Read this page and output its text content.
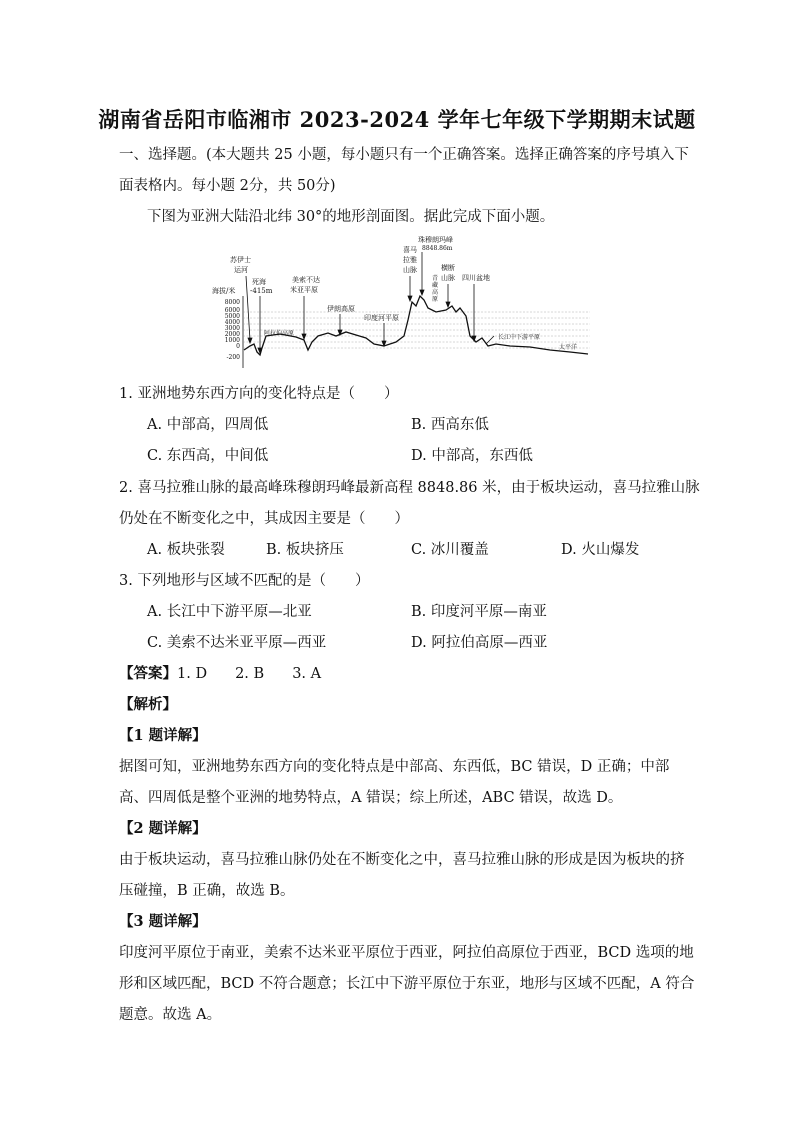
湖南省岳阳市临湘市 2023-2024 学年七年级下学期期末试题
一、选择题。(本大题共 25 小题，每小题只有一个正确答案。选择正确答案的序号填入下
面表格内。每小题 2分，共 50分)
下图为亚洲大陆沿北纬 30°的地形剖面图。据此完成下面小题。
苏伊士
运河
死海
-415m
海拔/米
美索不达
米亚平原
阿拉伯高原
伊朗高原
印度河平原
喜马
拉雅
山脉
珠穆朗玛峰
8848.86m
青
藏
高
原
横断
山脉 四川盆地
长江中下游平原
太平洋
8000
6000
5000
4000
3000
2000
1000
0
-200
1. 亚洲地势东西方向的变化特点是（　　）
A. 中部高，四周低	B. 西高东低
C. 东西高，中间低	D. 中部高，东西低
2. 喜马拉雅山脉的最高峰珠穆朗玛峰最新高程 8848.86 米，由于板块运动，喜马拉雅山脉
仍处在不断变化之中，其成因主要是（　　）
A. 板块张裂	B. 板块挤压	C. 冰川覆盖	D. 火山爆发
3. 下列地形与区域不匹配的是（　　）
A. 长江中下游平原—北亚	B. 印度河平原—南亚
C. 美索不达米亚平原—西亚	D. 阿拉伯高原—西亚
【答案】1. D 2. B 3. A
【解析】
【1 题详解】
据图可知，亚洲地势东西方向的变化特点是中部高、东西低，BC 错误，D 正确；中部
高、四周低是整个亚洲的地势特点，A 错误；综上所述，ABC 错误，故选 D。
【2 题详解】
由于板块运动，喜马拉雅山脉仍处在不断变化之中，喜马拉雅山脉的形成是因为板块的挤
压碰撞，B 正确，故选 B。
【3 题详解】
印度河平原位于南亚，美索不达米亚平原位于西亚，阿拉伯高原位于西亚，BCD 选项的地
形和区域匹配，BCD 不符合题意；长江中下游平原位于东亚，地形与区域不匹配，A 符合
题意。故选 A。
